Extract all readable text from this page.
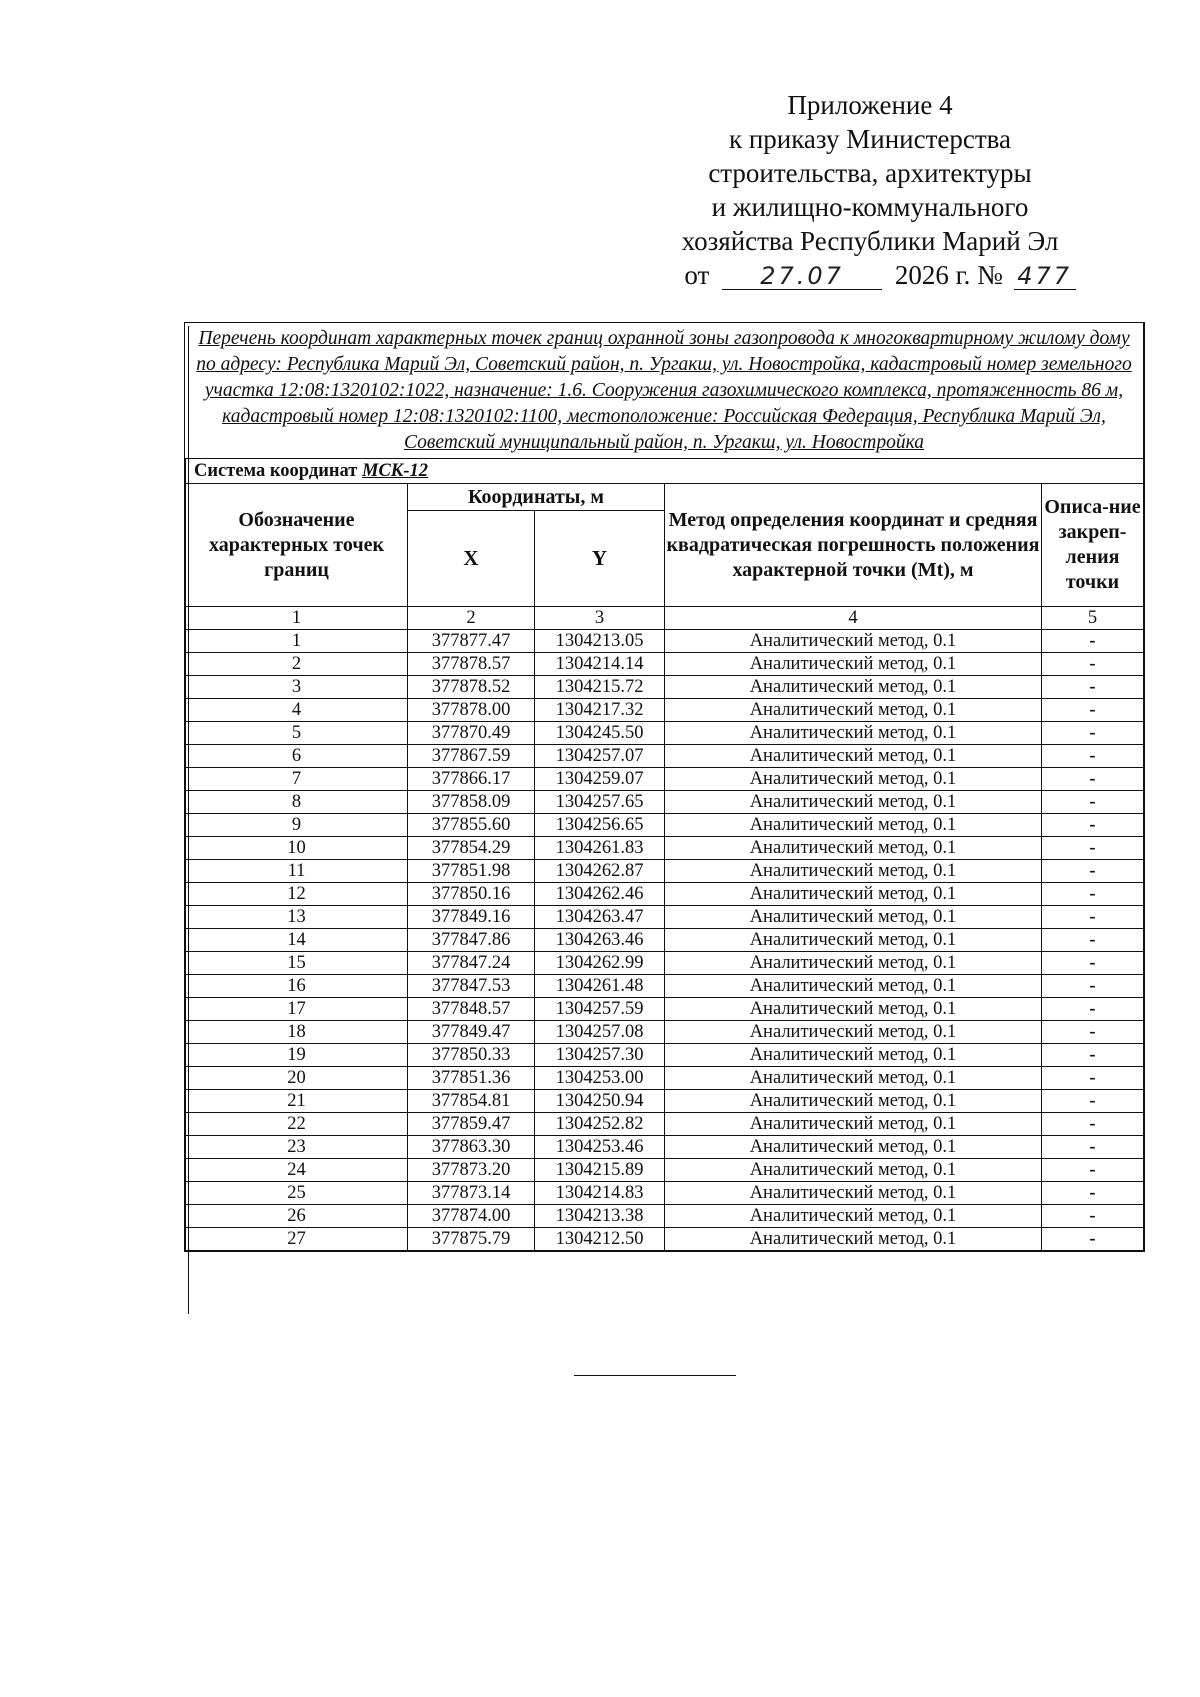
Приложение 4
к приказу Министерства
строительства, архитектуры
и жилищно-коммунального
хозяйства Республики Марий Эл
от 27.07 2026 г. № 477
Перечень координат характерных точек границ охранной зоны газопровода к многоквартирному жилому дому по адресу: Республика Марий Эл, Советский район, п. Ургакш, ул. Новостройка, кадастровый номер земельного участка 12:08:1320102:1022, назначение: 1.6. Сооружения газохимического комплекса, протяженность 86 м, кадастровый номер 12:08:1320102:1100, местоположение: Российская Федерация, Республика Марий Эл, Советский муниципальный район, п. Ургакш, ул. Новостройка
Система координат МСК-12				
Обозначение характерных точек границ	Координаты, м		Метод определения координат и средняя квадратическая погрешность положения характерной точки (Mt), м	Описа-ние закреп-ления точки
	X	Y		
1	2	3	4	5
1	377877.47	1304213.05	Аналитический метод, 0.1	-
2	377878.57	1304214.14	Аналитический метод, 0.1	-
3	377878.52	1304215.72	Аналитический метод, 0.1	-
4	377878.00	1304217.32	Аналитический метод, 0.1	-
5	377870.49	1304245.50	Аналитический метод, 0.1	-
6	377867.59	1304257.07	Аналитический метод, 0.1	-
7	377866.17	1304259.07	Аналитический метод, 0.1	-
8	377858.09	1304257.65	Аналитический метод, 0.1	-
9	377855.60	1304256.65	Аналитический метод, 0.1	-
10	377854.29	1304261.83	Аналитический метод, 0.1	-
11	377851.98	1304262.87	Аналитический метод, 0.1	-
12	377850.16	1304262.46	Аналитический метод, 0.1	-
13	377849.16	1304263.47	Аналитический метод, 0.1	-
14	377847.86	1304263.46	Аналитический метод, 0.1	-
15	377847.24	1304262.99	Аналитический метод, 0.1	-
16	377847.53	1304261.48	Аналитический метод, 0.1	-
17	377848.57	1304257.59	Аналитический метод, 0.1	-
18	377849.47	1304257.08	Аналитический метод, 0.1	-
19	377850.33	1304257.30	Аналитический метод, 0.1	-
20	377851.36	1304253.00	Аналитический метод, 0.1	-
21	377854.81	1304250.94	Аналитический метод, 0.1	-
22	377859.47	1304252.82	Аналитический метод, 0.1	-
23	377863.30	1304253.46	Аналитический метод, 0.1	-
24	377873.20	1304215.89	Аналитический метод, 0.1	-
25	377873.14	1304214.83	Аналитический метод, 0.1	-
26	377874.00	1304213.38	Аналитический метод, 0.1	-
27	377875.79	1304212.50	Аналитический метод, 0.1	-
